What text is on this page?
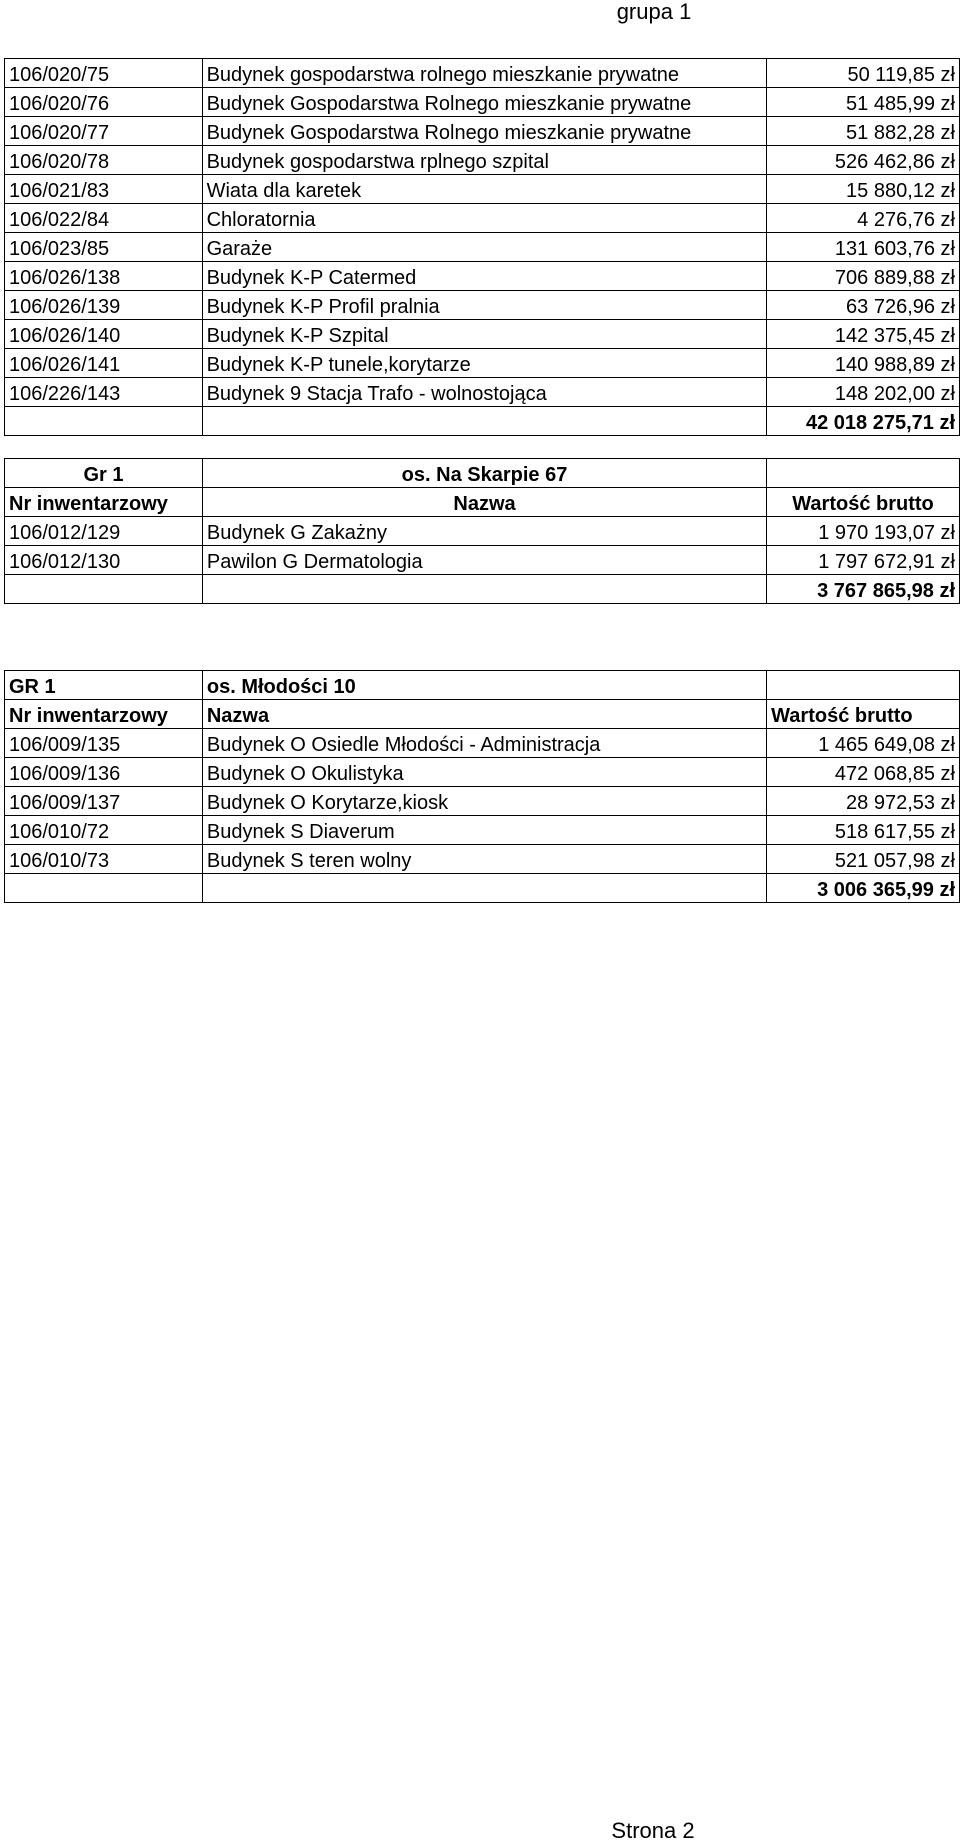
grupa 1
106/020/75	Budynek gospodarstwa rolnego mieszkanie prywatne	50 119,85 zł
106/020/76	Budynek Gospodarstwa Rolnego mieszkanie prywatne	51 485,99 zł
106/020/77	Budynek Gospodarstwa Rolnego mieszkanie prywatne	51 882,28 zł
106/020/78	Budynek gospodarstwa rplnego szpital	526 462,86 zł
106/021/83	Wiata dla karetek	15 880,12 zł
106/022/84	Chloratornia	4 276,76 zł
106/023/85	Garaże	131 603,76 zł
106/026/138	Budynek K-P Catermed	706 889,88 zł
106/026/139	Budynek K-P Profil pralnia	63 726,96 zł
106/026/140	Budynek K-P Szpital	142 375,45 zł
106/026/141	Budynek K-P tunele,korytarze	140 988,89 zł
106/226/143	Budynek 9 Stacja Trafo - wolnostojąca	148 202,00 zł
		42 018 275,71 zł
Gr 1	os. Na Skarpie 67	
Nr inwentarzowy	Nazwa	Wartość brutto
106/012/129	Budynek G Zakażny	1 970 193,07 zł
106/012/130	Pawilon G Dermatologia	1 797 672,91 zł
		3 767 865,98 zł
GR 1	os. Młodości 10	
Nr inwentarzowy	Nazwa	Wartość brutto
106/009/135	Budynek O Osiedle Młodości - Administracja	1 465 649,08 zł
106/009/136	Budynek O Okulistyka	472 068,85 zł
106/009/137	Budynek O Korytarze,kiosk	28 972,53 zł
106/010/72	Budynek S Diaverum	518 617,55 zł
106/010/73	Budynek S teren wolny	521 057,98 zł
		3 006 365,99 zł
Strona 2
